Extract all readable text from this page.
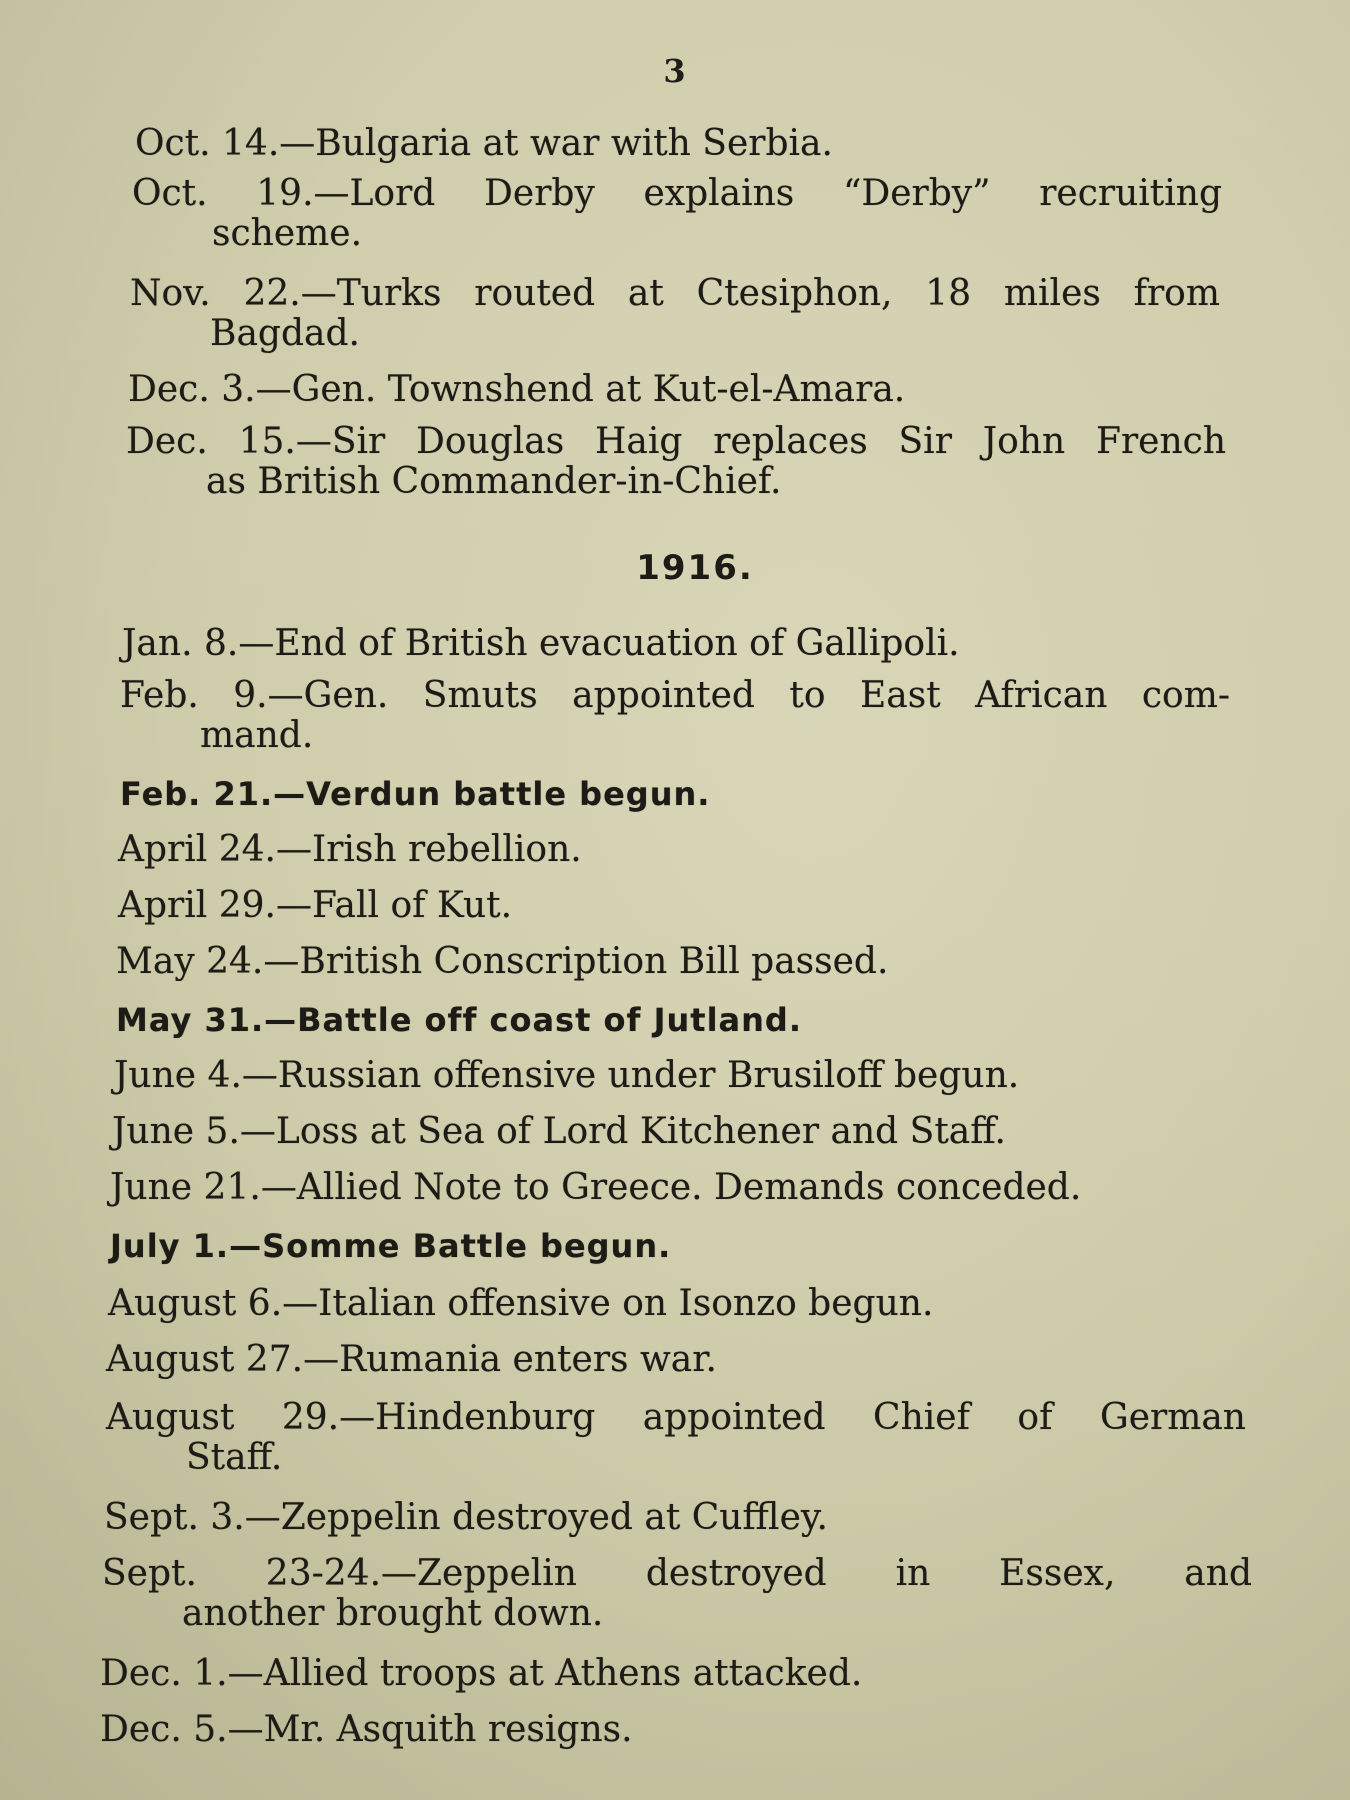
3
Oct. 14.—Bulgaria at war with Serbia.
Oct. 19.—Lord Derby explains “Derby” recruiting
scheme.
Nov. 22.—Turks routed at Ctesiphon, 18 miles from
Bagdad.
Dec. 3.—Gen. Townshend at Kut-el-Amara.
Dec. 15.—Sir Douglas Haig replaces Sir John French
as British Commander-in-Chief.
Jan. 8.—End of British evacuation of Gallipoli.
Feb. 9.—Gen. Smuts appointed to East African com-
mand.
Feb. 21.—Verdun battle begun.
April 24.—Irish rebellion.
April 29.—Fall of Kut.
May 24.—British Conscription Bill passed.
May 31.—Battle off coast of Jutland.
June 4.—Russian offensive under Brusiloff begun.
June 5.—Loss at Sea of Lord Kitchener and Staff.
June 21.—Allied Note to Greece. Demands conceded.
July 1.—Somme Battle begun.
August 6.—Italian offensive on Isonzo begun.
August 27.—Rumania enters war.
August 29.—Hindenburg appointed Chief of German
Staff.
Sept. 3.—Zeppelin destroyed at Cuffley.
Sept. 23-24.—Zeppelin destroyed in Essex, and
another brought down.
Dec. 1.—Allied troops at Athens attacked.
Dec. 5.—Mr. Asquith resigns.
1916.
